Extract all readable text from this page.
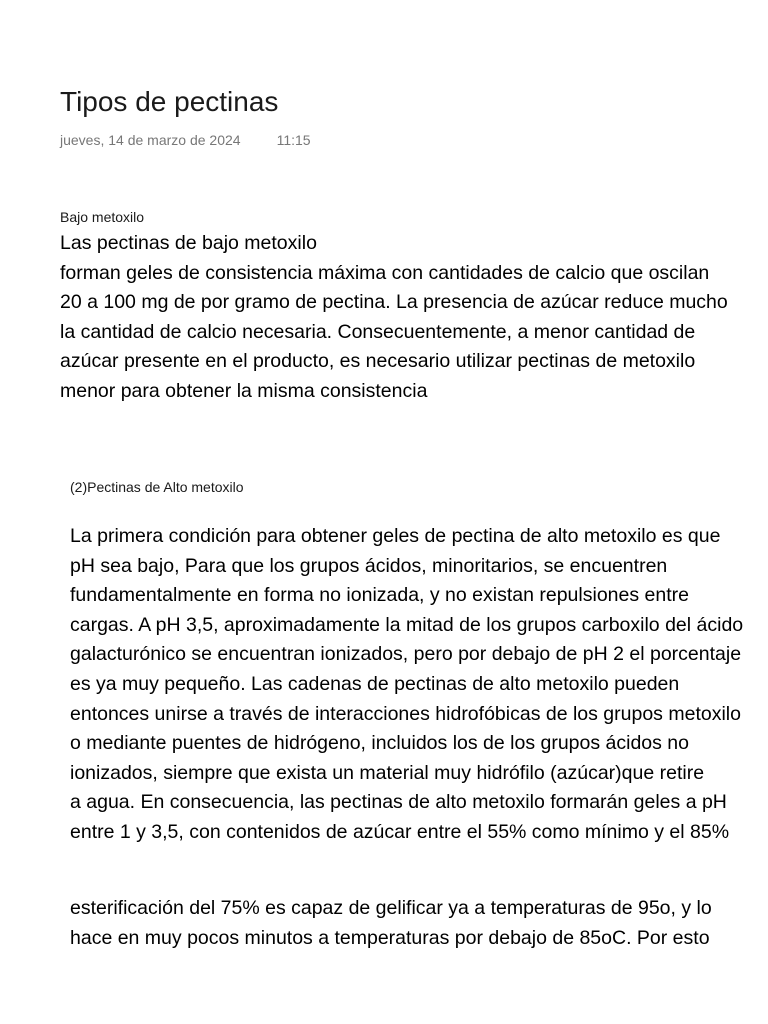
Tipos de pectinas
jueves, 14 de marzo de 2024	11:15
Bajo metoxilo
Las pectinas de bajo metoxilo
forman geles de consistencia máxima con cantidades de calcio que oscilan
20 a 100 mg de por gramo de pectina. La presencia de azúcar reduce mucho
la cantidad de calcio necesaria. Consecuentemente, a menor cantidad de
azúcar presente en el producto, es necesario utilizar pectinas de metoxilo
menor para obtener la misma consistencia
(2)Pectinas de Alto metoxilo
La primera condición para obtener geles de pectina de alto metoxilo es que
pH sea bajo, Para que los grupos ácidos, minoritarios, se encuentren
fundamentalmente en forma no ionizada, y no existan repulsiones entre
cargas. A pH 3,5, aproximadamente la mitad de los grupos carboxilo del ácido
galacturónico se encuentran ionizados, pero por debajo de pH 2 el porcentaje
es ya muy pequeño. Las cadenas de pectinas de alto metoxilo pueden
entonces unirse a través de interacciones hidrofóbicas de los grupos metoxilo
o mediante puentes de hidrógeno, incluidos los de los grupos ácidos no
ionizados, siempre que exista un material muy hidrófilo (azúcar)que retire
a agua. En consecuencia, las pectinas de alto metoxilo formarán geles a pH
entre 1 y 3,5, con contenidos de azúcar entre el 55% como mínimo y el 85%
esterificación del 75% es capaz de gelificar ya a temperaturas de 95o, y lo
hace en muy pocos minutos a temperaturas por debajo de 85oC. Por esto
